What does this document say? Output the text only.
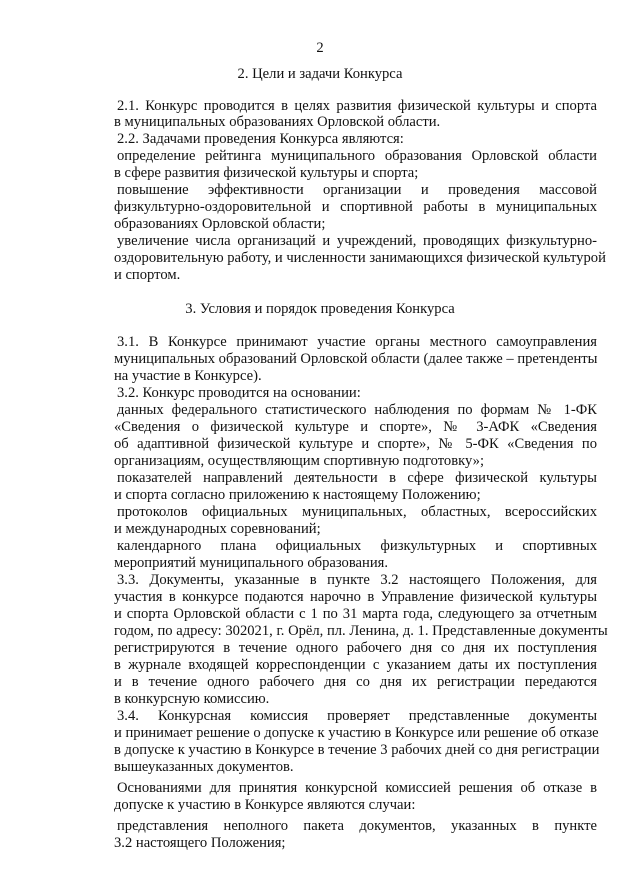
2
2. Цели и задачи Конкурса
2.1. Конкурс проводится в целях развития физической культуры и спорта
в муниципальных образованиях Орловской области.
2.2. Задачами проведения Конкурса являются:
определение рейтинга муниципального образования Орловской области
в сфере развития физической культуры и спорта;
повышение эффективности организации и проведения массовой
физкультурно-оздоровительной и спортивной работы в муниципальных
образованиях Орловской области;
увеличение числа организаций и учреждений, проводящих физкультурно-
оздоровительную работу, и численности занимающихся физической культурой
и спортом.
3. Условия и порядок проведения Конкурса
3.1. В Конкурсе принимают участие органы местного самоуправления
муниципальных образований Орловской области (далее также – претенденты
на участие в Конкурсе).
3.2. Конкурс проводится на основании:
данных федерального статистического наблюдения по формам № 1-ФК
«Сведения о физической культуре и спорте», № 3-АФК «Сведения
об адаптивной физической культуре и спорте», № 5-ФК «Сведения по
организациям, осуществляющим спортивную подготовку»;
показателей направлений деятельности в сфере физической культуры
и спорта согласно приложению к настоящему Положению;
протоколов официальных муниципальных, областных, всероссийских
и международных соревнований;
календарного плана официальных физкультурных и спортивных
мероприятий муниципального образования.
3.3. Документы, указанные в пункте 3.2 настоящего Положения, для
участия в конкурсе подаются нарочно в Управление физической культуры
и спорта Орловской области с 1 по 31 марта года, следующего за отчетным
годом, по адресу: 302021, г. Орёл, пл. Ленина, д. 1. Представленные документы
регистрируются в течение одного рабочего дня со дня их поступления
в журнале входящей корреспонденции с указанием даты их поступления
и в течение одного рабочего дня со дня их регистрации передаются
в конкурсную комиссию.
3.4. Конкурсная комиссия проверяет представленные документы
и принимает решение о допуске к участию в Конкурсе или решение об отказе
в допуске к участию в Конкурсе в течение 3 рабочих дней со дня регистрации
вышеуказанных документов.
Основаниями для принятия конкурсной комиссией решения об отказе в
допуске к участию в Конкурсе являются случаи:
представления неполного пакета документов, указанных в пункте
3.2 настоящего Положения;
